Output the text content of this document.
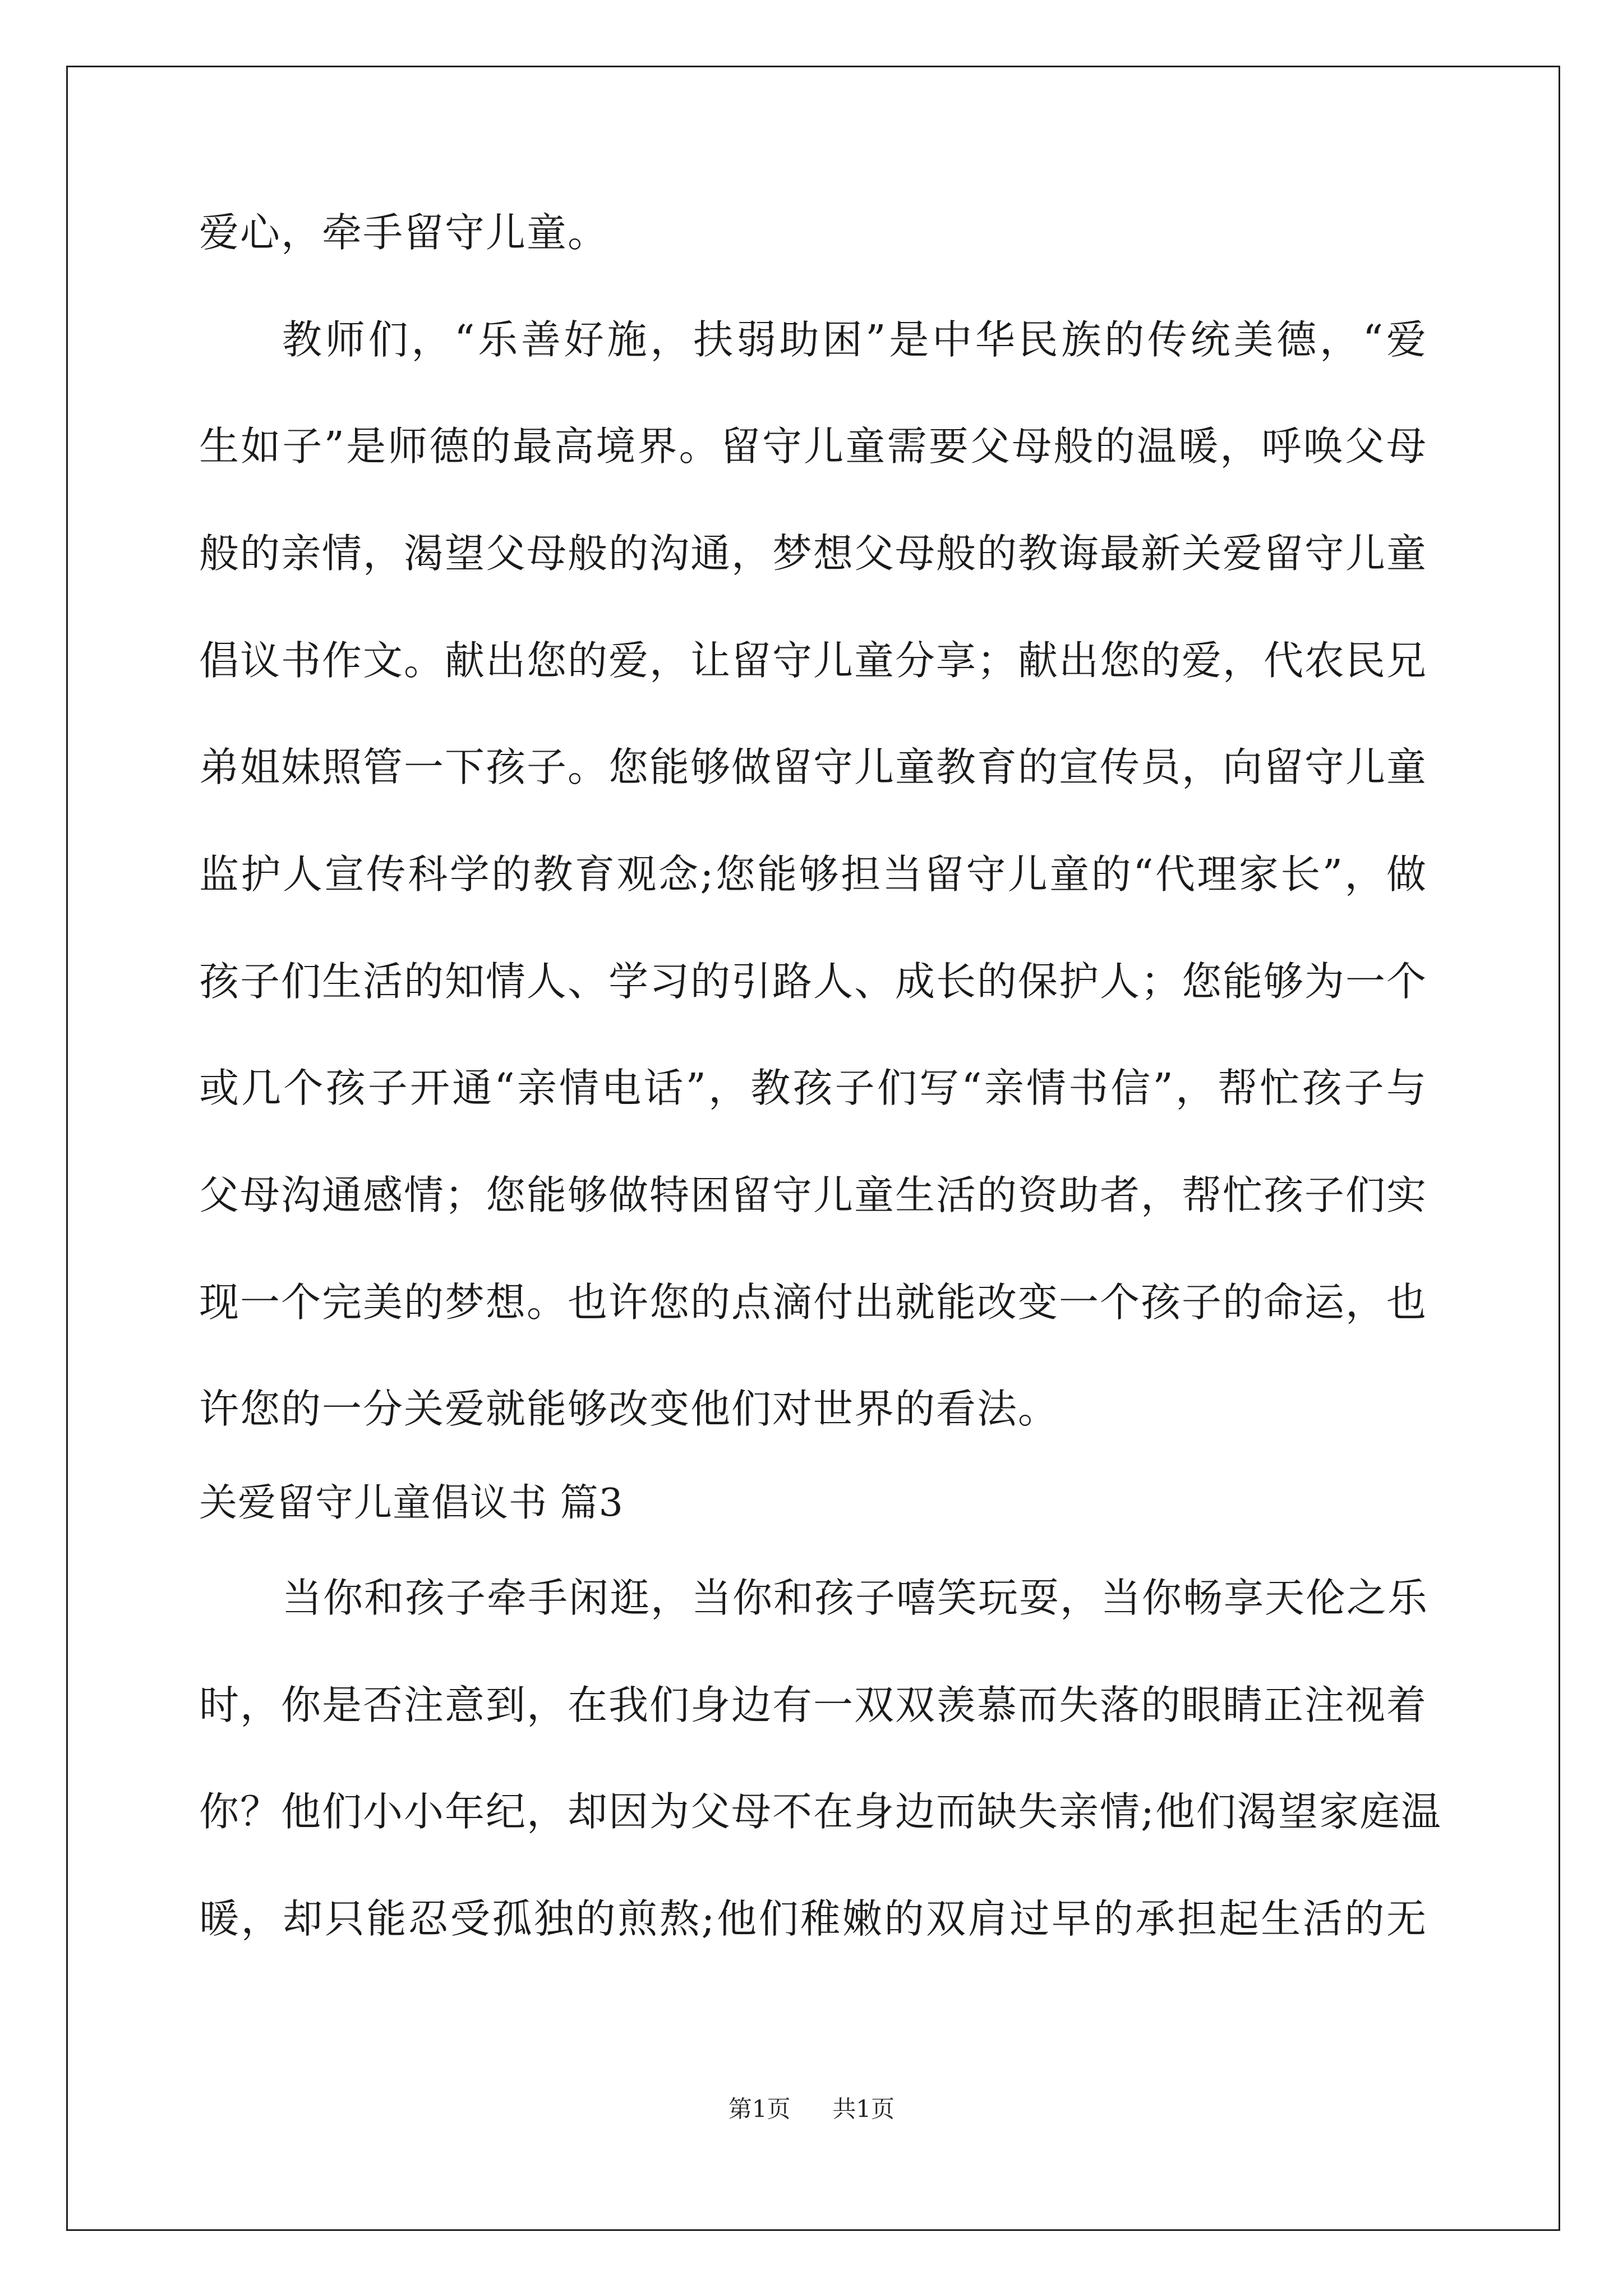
爱心，牵手留守儿童。
教师们，“乐善好施，扶弱助困”是中华民族的传统美德，“爱
生如子”是师德的最高境界。留守儿童需要父母般的温暖，呼唤父母
般的亲情，渴望父母般的沟通，梦想父母般的教诲最新关爱留守儿童
倡议书作文。献出您的爱，让留守儿童分享；献出您的爱，代农民兄
弟姐妹照管一下孩子。您能够做留守儿童教育的宣传员，向留守儿童
监护人宣传科学的教育观念;您能够担当留守儿童的“代理家长”，做
孩子们生活的知情人、学习的引路人、成长的保护人；您能够为一个
或几个孩子开通“亲情电话”，教孩子们写“亲情书信”，帮忙孩子与
父母沟通感情；您能够做特困留守儿童生活的资助者，帮忙孩子们实
现一个完美的梦想。也许您的点滴付出就能改变一个孩子的命运，也
许您的一分关爱就能够改变他们对世界的看法。
关爱留守儿童倡议书 篇3
当你和孩子牵手闲逛，当你和孩子嘻笑玩耍，当你畅享天伦之乐
时，你是否注意到，在我们身边有一双双羡慕而失落的眼睛正注视着
你？他们小小年纪，却因为父母不在身边而缺失亲情;他们渴望家庭温
暖，却只能忍受孤独的煎熬;他们稚嫩的双肩过早的承担起生活的无
第1页 共1页
